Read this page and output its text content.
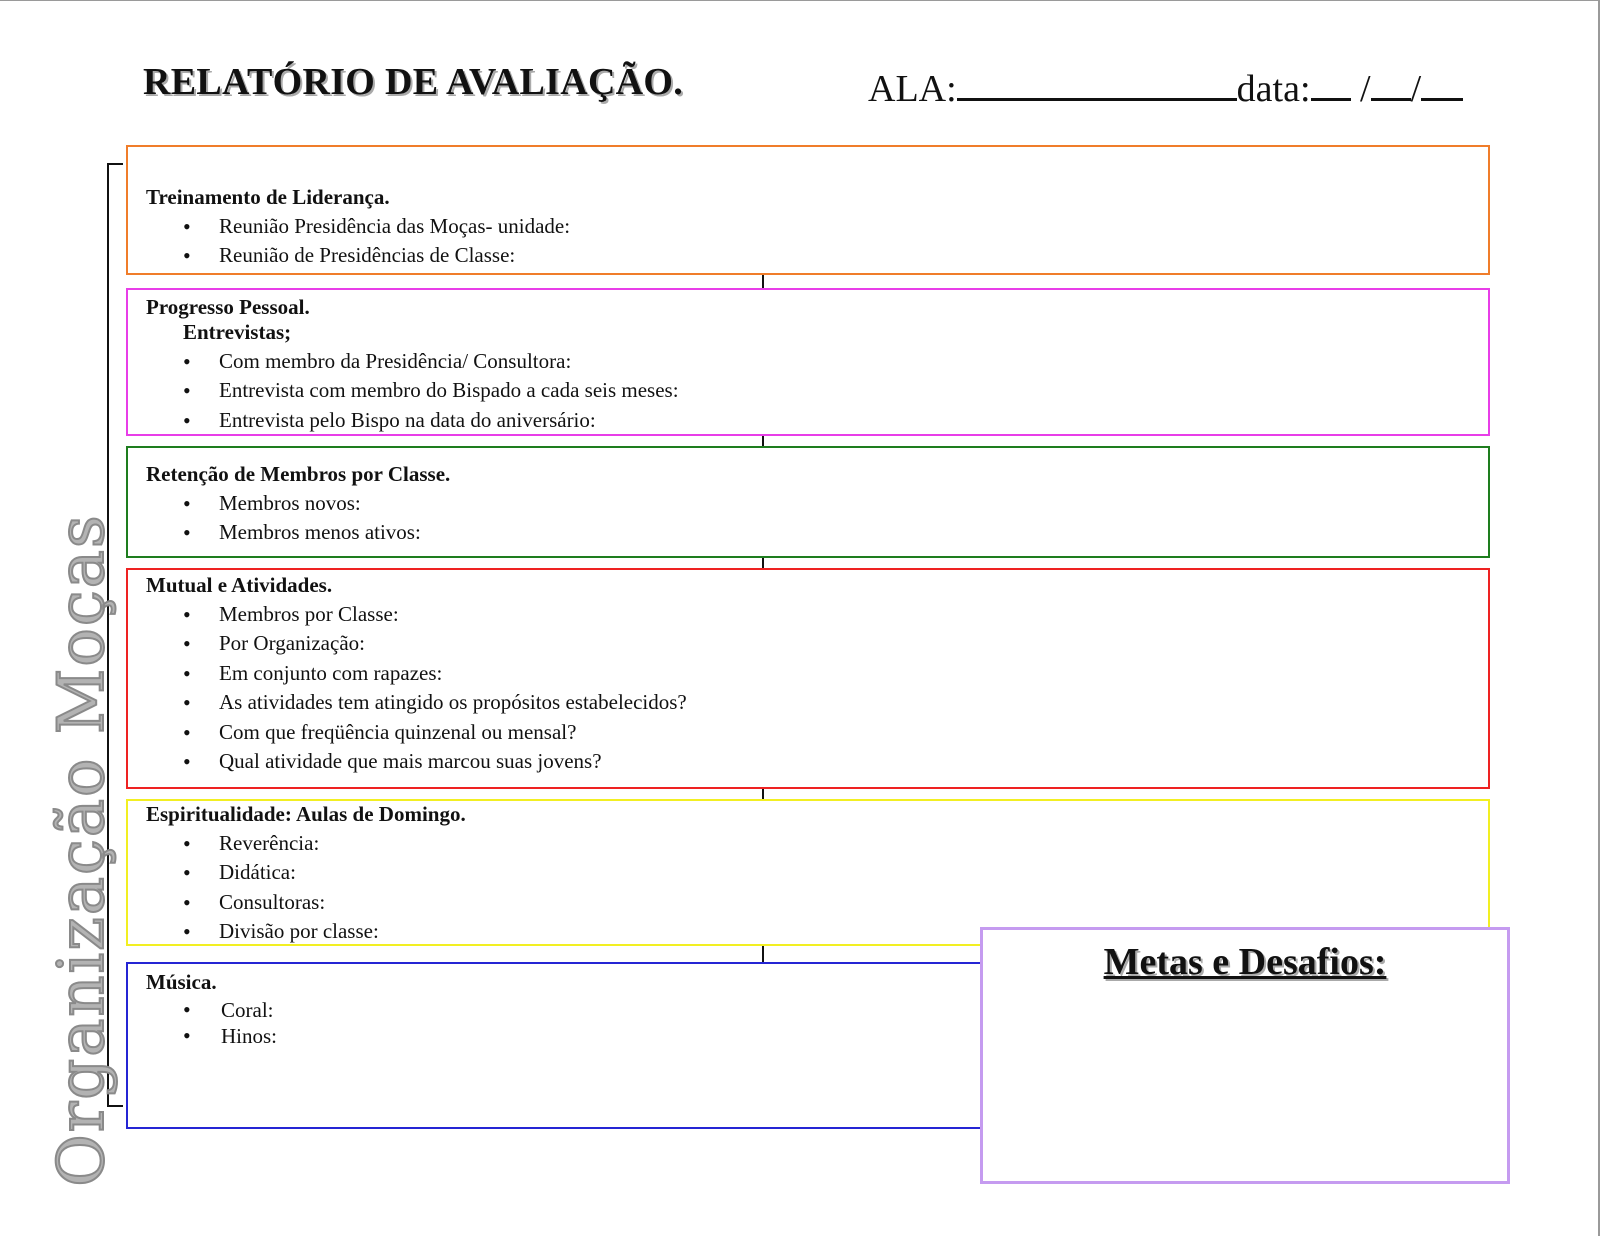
RELATÓRIO DE AVALIAÇÃO.	ALA:	data: / /
Organização Moças
Treinamento de Liderança.
• Reunião Presidência das Moças- unidade:
• Reunião de Presidências de Classe:
Progresso Pessoal.
Entrevistas;
• Com membro da Presidência/ Consultora:
• Entrevista com membro do Bispado a cada seis meses:
• Entrevista pelo Bispo na data do aniversário:
Retenção de Membros por Classe.
• Membros novos:
• Membros menos ativos:
Mutual e Atividades.
• Membros por Classe:
• Por Organização:
• Em conjunto com rapazes:
• As atividades tem atingido os propósitos estabelecidos?
• Com que freqüência quinzenal ou mensal?
• Qual atividade que mais marcou suas jovens?
Espiritualidade: Aulas de Domingo.
• Reverência:
• Didática:
• Consultoras:
• Divisão por classe:
Música.
• Coral:
• Hinos:
Metas e Desafios:
